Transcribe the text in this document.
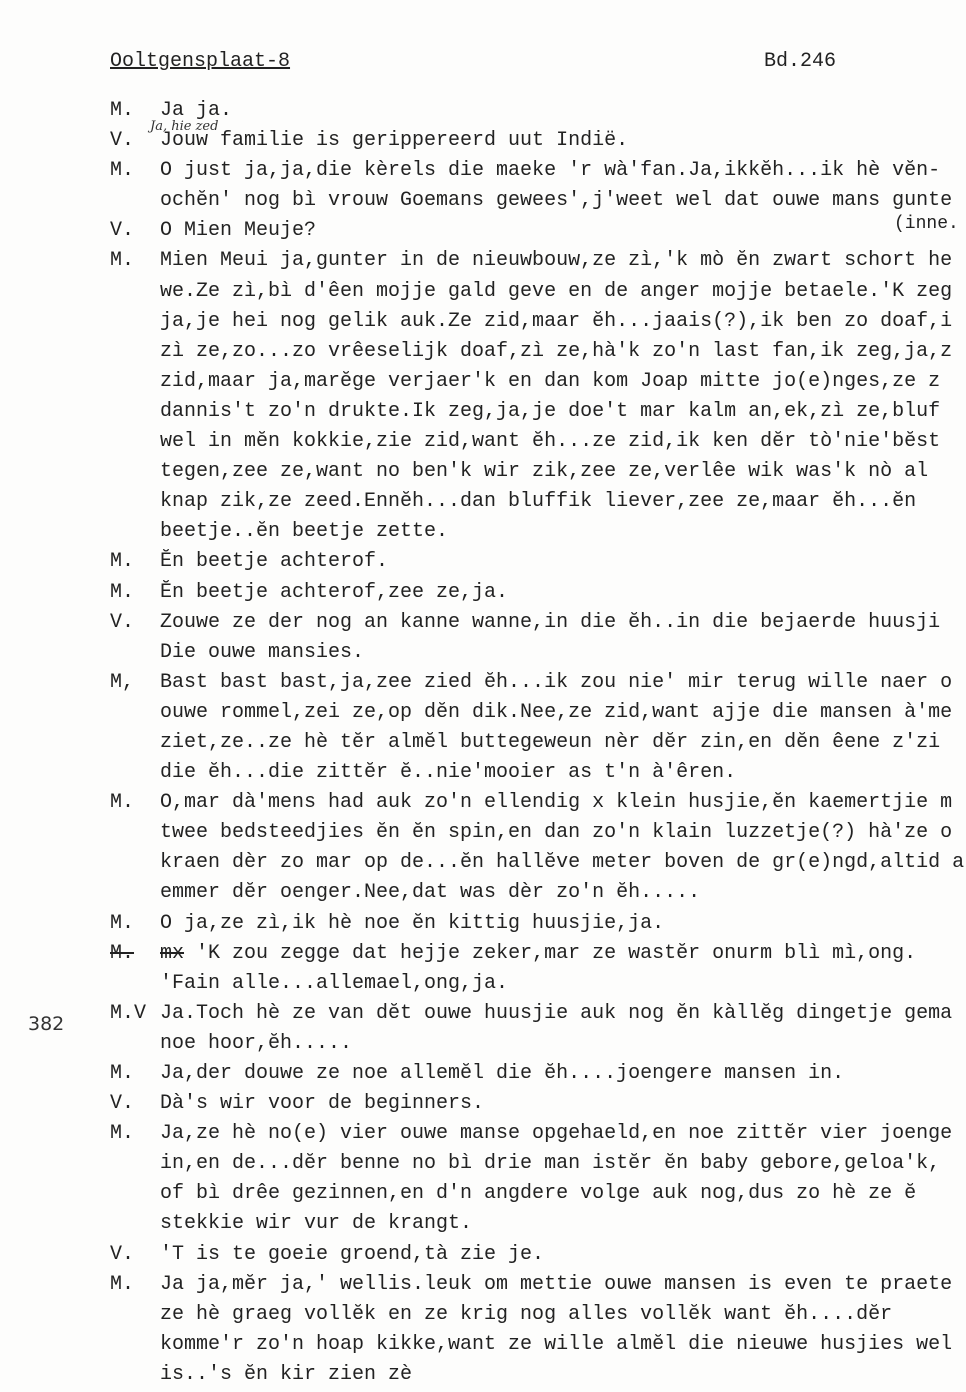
Ooltgensplaat-8	Bd.246
Ja, hie zed
(inne.
382
M.	Ja ja.
V.	Jouw familie is gerippereerd uut Indië.
M.	O just ja,ja,die kèrels die maeke 'r wà'fan.Ja,ikkĕh...ik hè vĕn-
ochĕn' nog bì vrouw Goemans gewees',j'weet wel dat ouwe mans gunte
V.	O Mien Meuje?
M.	Mien Meui ja,gunter in de nieuwbouw,ze zì,'k mò ĕn zwart schort he
we.Ze zì,bì d'êen mojje gald geve en de anger mojje betaele.'K zeg
ja,je hei nog gelik auk.Ze zid,maar ĕh...jaais(?),ik ben zo doaf,i
zì ze,zo...zo vrêeselijk doaf,zì ze,hà'k zo'n last fan,ik zeg,ja,z
zid,maar ja,marĕge verjaer'k en dan kom Joap mitte jo(e)nges,ze z
dannis't zo'n drukte.Ik zeg,ja,je doe't mar kalm an,ek,zì ze,bluf
wel in mĕn kokkie,zie zid,want ĕh...ze zid,ik ken dĕr tò'nie'bĕst
tegen,zee ze,want no ben'k wir zik,zee ze,verlêe wik was'k nò al
knap zik,ze zeed.Ennĕh...dan bluffik liever,zee ze,maar ĕh...ĕn
beetje..ĕn beetje zette.
M.	Ĕn beetje achterof.
M.	Ĕn beetje achterof,zee ze,ja.
V.	Zouwe ze der nog an kanne wanne,in die ĕh..in die bejaerde huusji
Die ouwe mansies.
M,	Bast bast bast,ja,zee zied ĕh...ik zou nie' mir terug wille naer o
ouwe rommel,zei ze,op dĕn dik.Nee,ze zid,want ajje die mansen à'me
ziet,ze..ze hè tĕr almĕl buttegeweun nèr dĕr zin,en dĕn êene z'zi
die ĕh...die zittĕr ĕ..nie'mooier as t'n à'êren.
M.	O,mar dà'mens had auk zo'n ellendig x klein husjie,ĕn kaemertjie m
twee bedsteedjies ĕn ĕn spin,en dan zo'n klain luzzetje(?) hà'ze o
kraen dèr zo mar op de...ĕn hallĕve meter boven de gr(e)ngd,altid a
emmer dĕr oenger.Nee,dat was dèr zo'n ĕh.....
M.	O ja,ze zì,ik hè noe ĕn kittig huusjie,ja.
M.	mx 'K zou zegge dat hejje zeker,mar ze wastĕr onurm blì mì,ong.
'Fain alle...allemael,ong,ja.
M.V Ja.Toch hè ze van dĕt ouwe huusjie auk nog ĕn kàllĕg dingetje gema
noe hoor,ĕh.....
M.	Ja,der douwe ze noe allemĕl die ĕh....joengere mansen in.
V.	Dà's wir voor de beginners.
M.	Ja,ze hè no(e) vier ouwe manse opgehaeld,en noe zittĕr vier joenge
in,en de...dĕr benne no bì drie man istĕr ĕn baby gebore,geloa'k,
of bì drêe gezinnen,en d'n angdere volge auk nog,dus zo hè ze ĕ
stekkie wir vur de krangt.
V.	'T is te goeie groend,tà zie je.
M.	Ja ja,mĕr ja,' wellis.leuk om mettie ouwe mansen is even te praete
ze hè graeg vollĕk en ze krig nog alles vollĕk want ĕh....dĕr
komme'r zo'n hoap kikke,want ze wille almĕl die nieuwe husjies wel
is..'s ĕn kir zien zè
